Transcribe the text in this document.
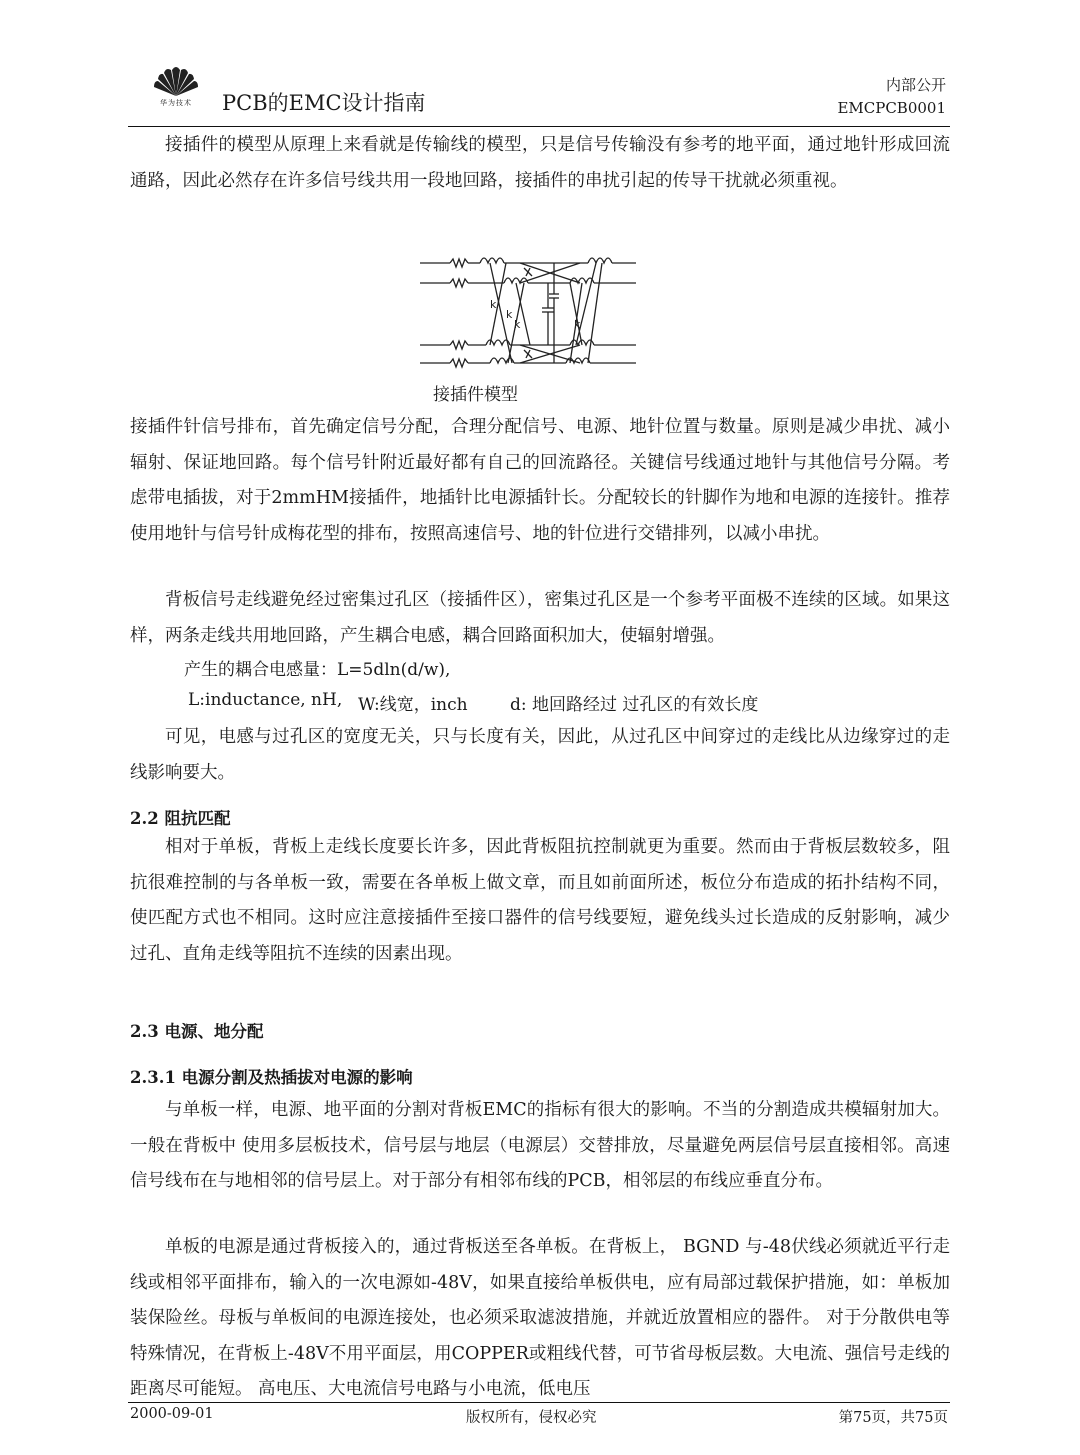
华为技术	PCB的EMC设计指南
内部公开
EMCPCB0001
接插件的模型从原理上来看就是传输线的模型，只是信号传输没有参考的地平面，通过地针形成回流通路，因此必然存在许多信号线共用一段地回路，接插件的串扰引起的传导干扰就必须重视。
k
k
k	k
接插件模型
接插件针信号排布，首先确定信号分配，合理分配信号、电源、地针位置与数量。原则是减少串扰、减小辐射、保证地回路。每个信号针附近最好都有自己的回流路径。关键信号线通过地针与其他信号分隔。考虑带电插拔，对于2mmHM接插件，地插针比电源插针长。分配较长的针脚作为地和电源的连接针。推荐使用地针与信号针成梅花型的排布，按照高速信号、地的针位进行交错排列，以减小串扰。
背板信号走线避免经过密集过孔区（接插件区），密集过孔区是一个参考平面极不连续的区域。如果这样，两条走线共用地回路，产生耦合电感，耦合回路面积加大，使辐射增强。
产生的耦合电感量：L=5dln(d/w),
L:inductance, nH, W:线宽，inch d: 地回路经过 过孔区的有效长度
可见，电感与过孔区的宽度无关，只与长度有关，因此，从过孔区中间穿过的走线比从边缘穿过的走线影响要大。
2.2 阻抗匹配
相对于单板，背板上走线长度要长许多，因此背板阻抗控制就更为重要。然而由于背板层数较多，阻抗很难控制的与各单板一致，需要在各单板上做文章，而且如前面所述，板位分布造成的拓扑结构不同，使匹配方式也不相同。这时应注意接插件至接口器件的信号线要短，避免线头过长造成的反射影响，减少过孔、直角走线等阻抗不连续的因素出现。
2.3 电源、地分配
2.3.1 电源分割及热插拔对电源的影响
与单板一样，电源、地平面的分割对背板EMC的指标有很大的影响。不当的分割造成共模辐射加大。一般在背板中 使用多层板技术，信号层与地层（电源层）交替排放，尽量避免两层信号层直接相邻。高速信号线布在与地相邻的信号层上。对于部分有相邻布线的PCB，相邻层的布线应垂直分布。
单板的电源是通过背板接入的，通过背板送至各单板。在背板上， BGND 与-48伏线必须就近平行走线或相邻平面排布，输入的一次电源如-48V，如果直接给单板供电，应有局部过载保护措施，如：单板加装保险丝。母板与单板间的电源连接处，也必须采取滤波措施，并就近放置相应的器件。 对于分散供电等特殊情况，在背板上-48V不用平面层，用COPPER或粗线代替，可节省母板层数。大电流、强信号走线的距离尽可能短。 高电压、大电流信号电路与小电流，低电压
2000-09-01	版权所有，侵权必究	第75页，共75页
